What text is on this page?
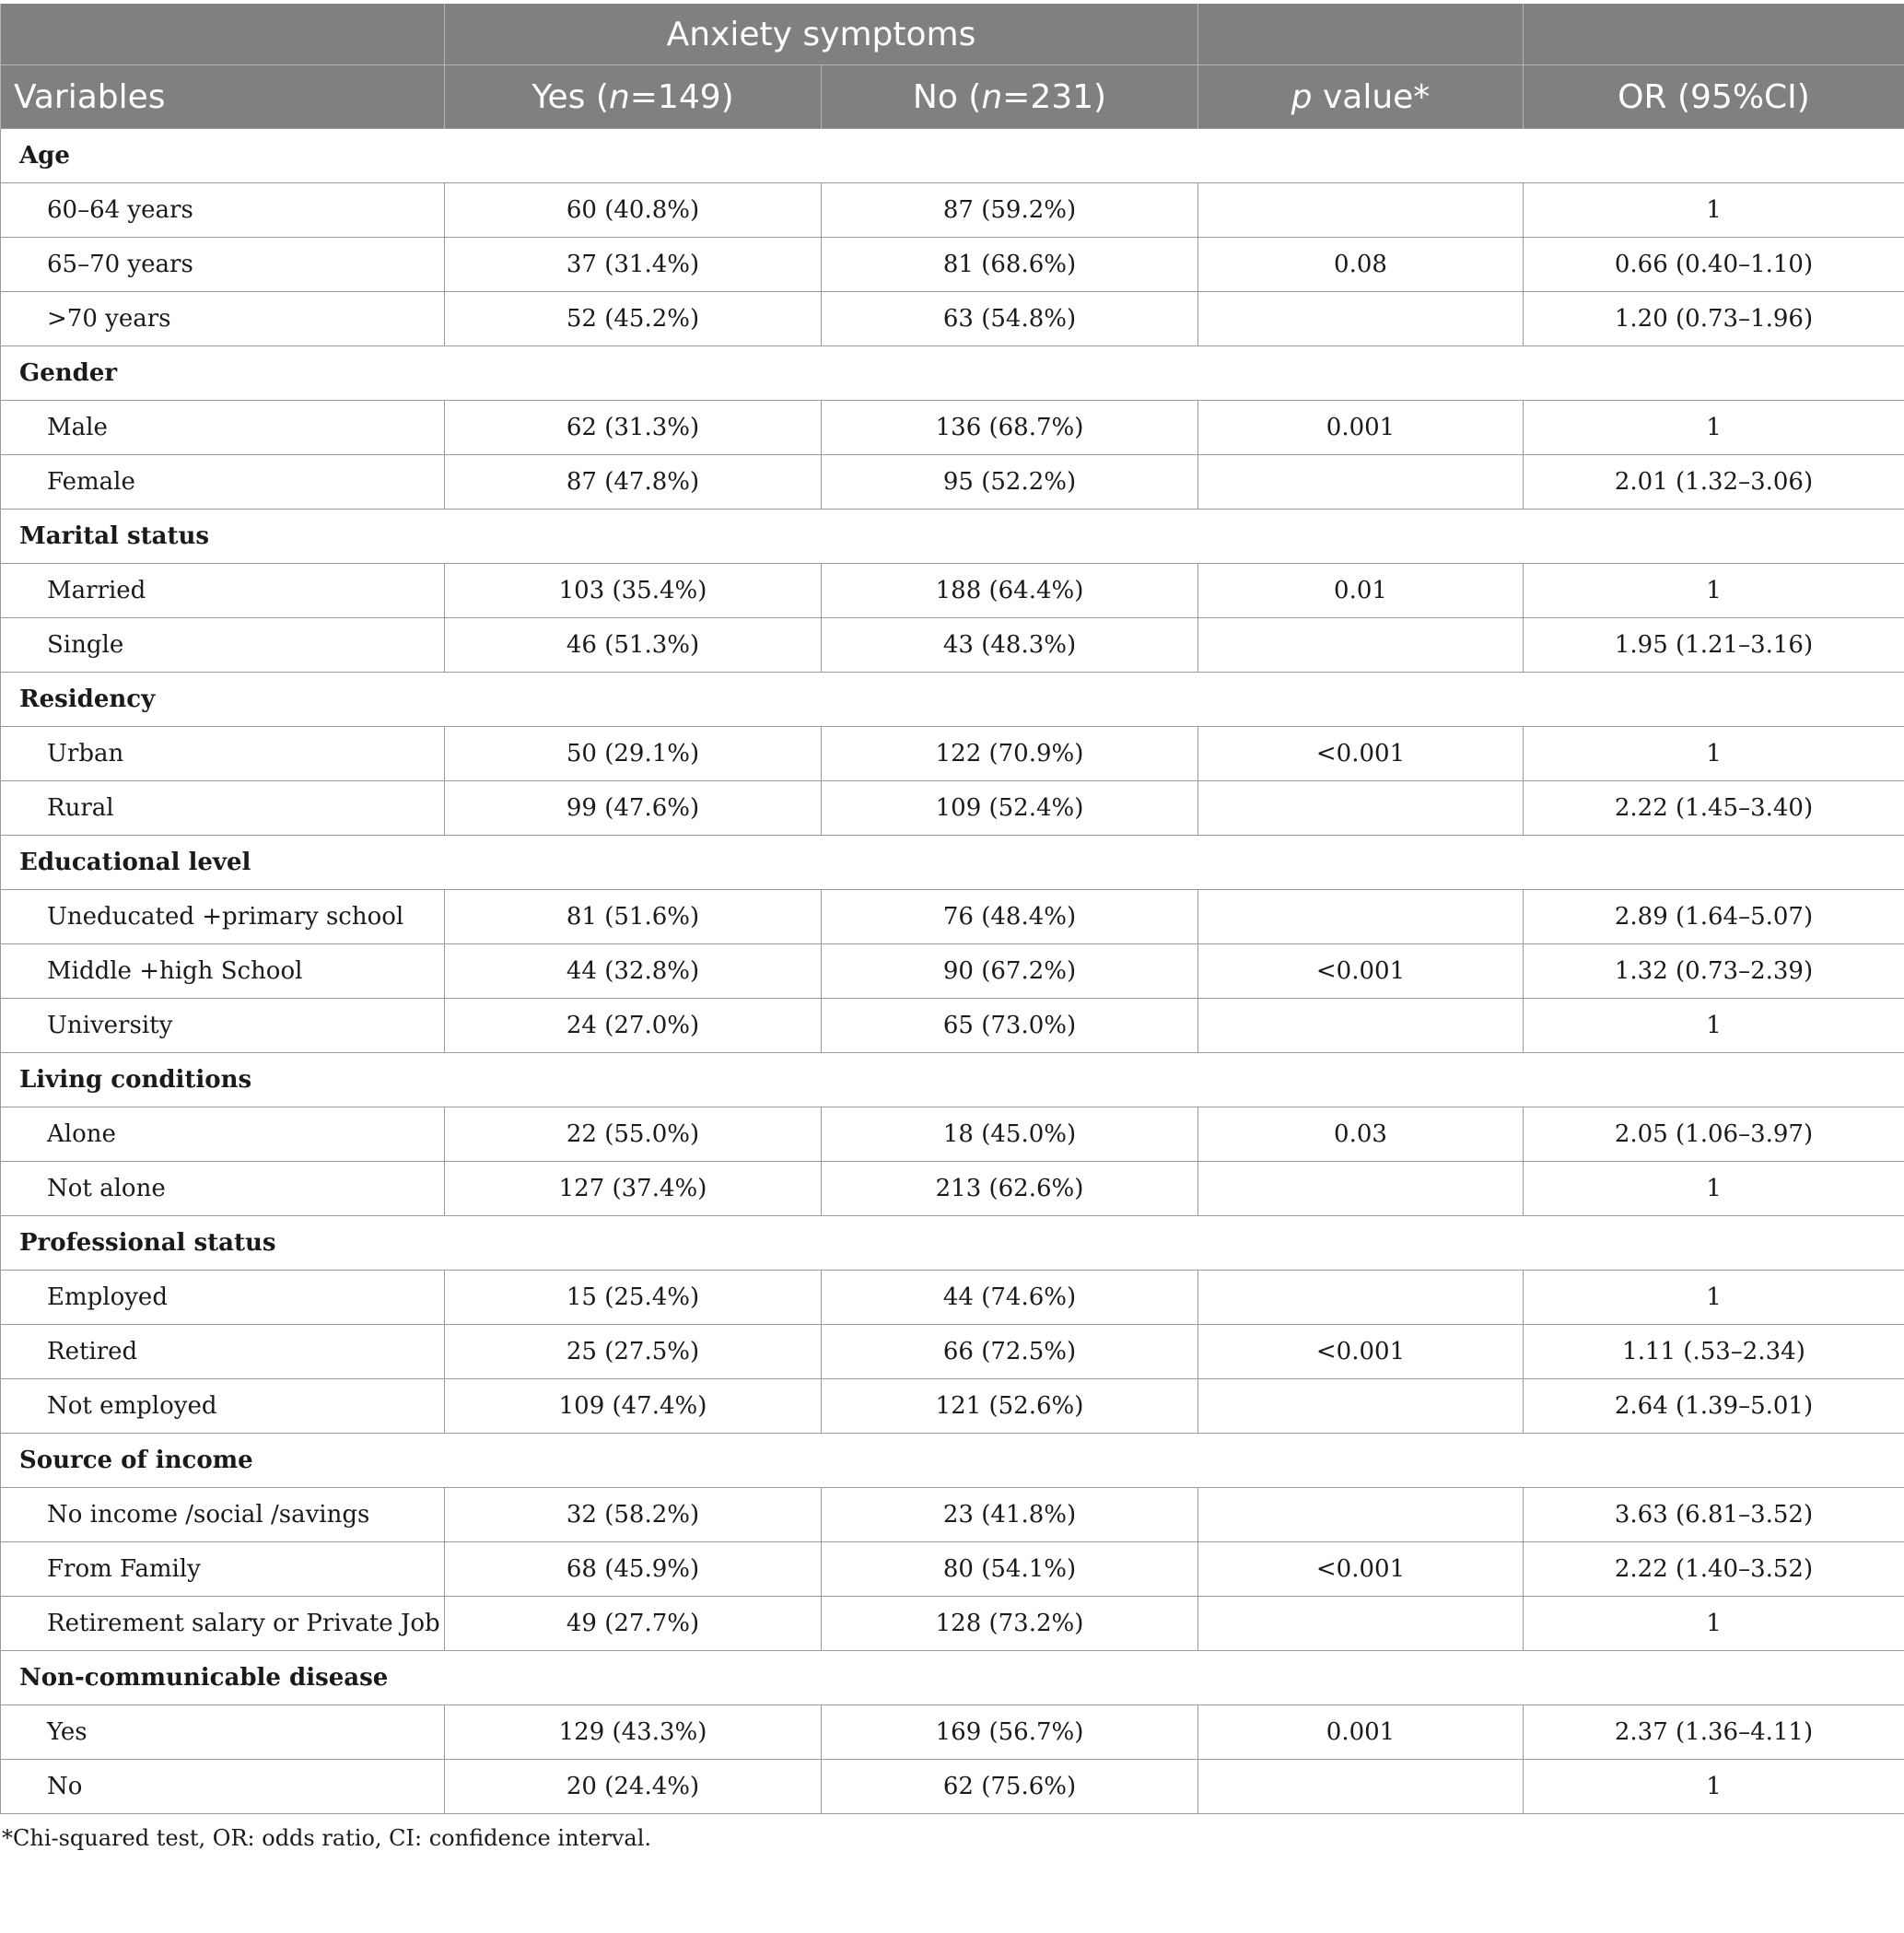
	Anxiety symptoms			
Variables	Yes (n=149)	No (n=231)	p value*	OR (95%CI)
Age				
60–64 years	60 (40.8%)	87 (59.2%)		1
65–70 years	37 (31.4%)	81 (68.6%)	0.08	0.66 (0.40–1.10)
>70 years	52 (45.2%)	63 (54.8%)		1.20 (0.73–1.96)
Gender				
Male	62 (31.3%)	136 (68.7%)	0.001	1
Female	87 (47.8%)	95 (52.2%)		2.01 (1.32–3.06)
Marital status				
Married	103 (35.4%)	188 (64.4%)	0.01	1
Single	46 (51.3%)	43 (48.3%)		1.95 (1.21–3.16)
Residency				
Urban	50 (29.1%)	122 (70.9%)	<0.001	1
Rural	99 (47.6%)	109 (52.4%)		2.22 (1.45–3.40)
Educational level				
Uneducated +primary school	81 (51.6%)	76 (48.4%)		2.89 (1.64–5.07)
Middle +high School	44 (32.8%)	90 (67.2%)	<0.001	1.32 (0.73–2.39)
University	24 (27.0%)	65 (73.0%)		1
Living conditions				
Alone	22 (55.0%)	18 (45.0%)	0.03	2.05 (1.06–3.97)
Not alone	127 (37.4%)	213 (62.6%)		1
Professional status				
Employed	15 (25.4%)	44 (74.6%)		1
Retired	25 (27.5%)	66 (72.5%)	<0.001	1.11 (.53–2.34)
Not employed	109 (47.4%)	121 (52.6%)		2.64 (1.39–5.01)
Source of income				
No income /social /savings	32 (58.2%)	23 (41.8%)		3.63 (6.81–3.52)
From Family	68 (45.9%)	80 (54.1%)	<0.001	2.22 (1.40–3.52)
Retirement salary or Private Job	49 (27.7%)	128 (73.2%)		1
Non-communicable disease				
Yes	129 (43.3%)	169 (56.7%)	0.001	2.37 (1.36–4.11)
No	20 (24.4%)	62 (75.6%)		1
*Chi-squared test, OR: odds ratio, CI: confidence interval.
